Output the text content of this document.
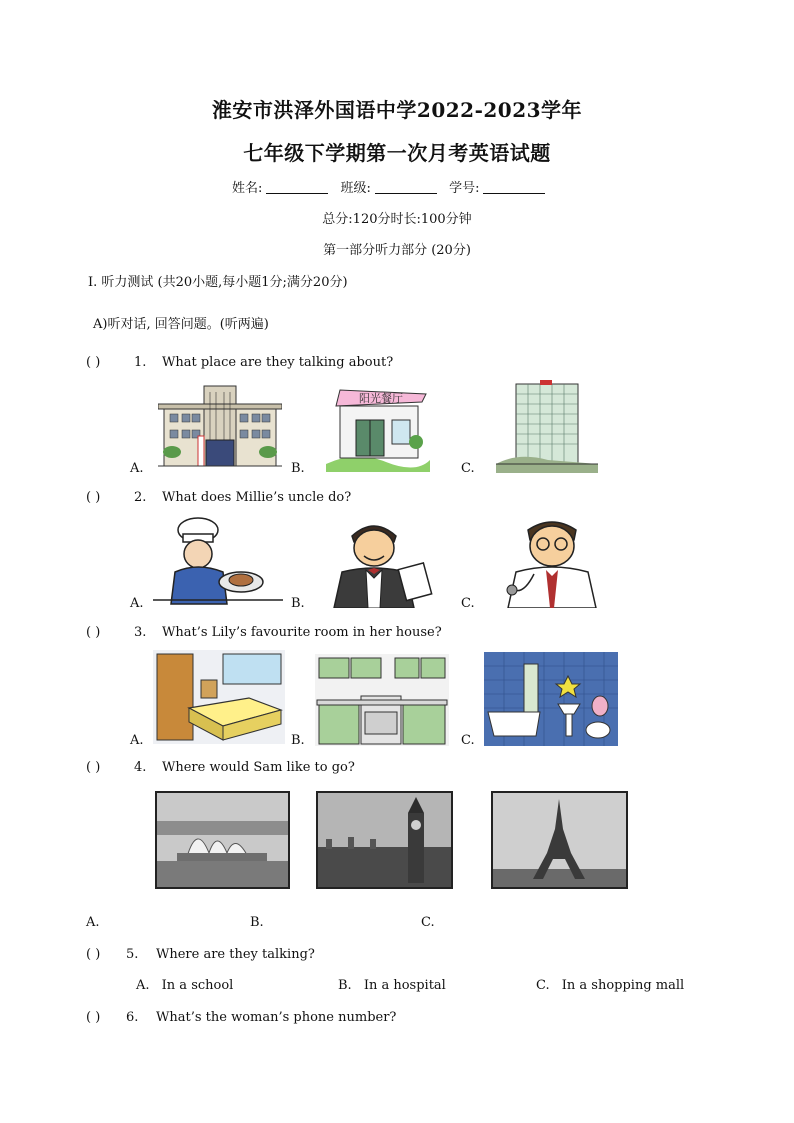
淮安市洪泽外国语中学2022-2023学年
七年级下学期第一次月考英语试题
姓名:	班级:	学号:
总分:120分时长:100分钟
第一部分听力部分 (20分)
I. 听力测试 (共20小题,每小题1分;满分20分)
A)听对话, 回答问题。(听两遍)
( )	1. What place are they talking about?
阳光餐厅
A.	B.	C.
( )	2. What does Millie’s uncle do?
A.	B.	C.
( )	3. What’s Lily’s favourite room in her house?
A.	B.	C.
( )	4. Where would Sam like to go?
A.	B.	C.
( ) 5. Where are they talking?
A. In a school	B. In a hospital	C. In a shopping mall
( ) 6. What’s the woman’s phone number?
